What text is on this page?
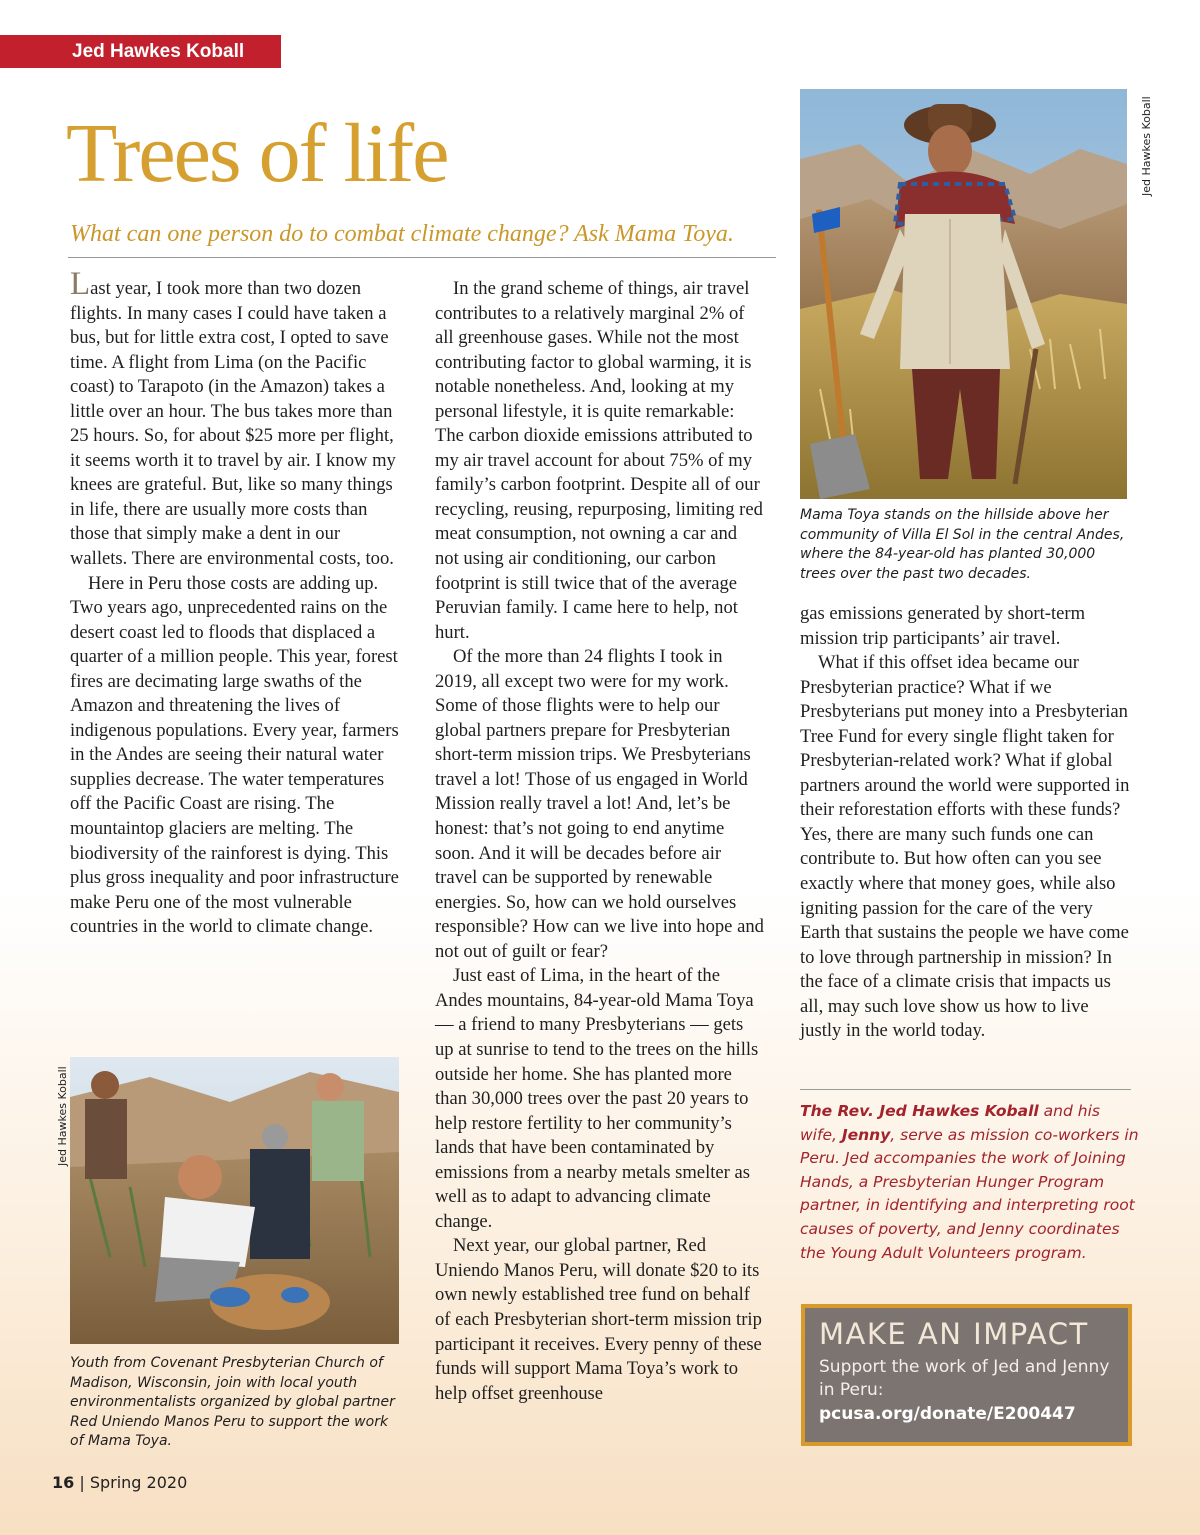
Jed Hawkes Koball
Trees of life

What can one person do to combat climate change? Ask Mama Toya.

Last year, I took more than two dozen flights. In many cases I could have taken a bus, but for little extra cost, I opted to save time. A flight from Lima (on the Pacific coast) to Tarapoto (in the Amazon) takes a little over an hour. The bus takes more than 25 hours. So, for about $25 more per flight, it seems worth it to travel by air. I know my knees are grateful. But, like so many things in life, there are usually more costs than those that simply make a dent in our wallets. There are environmental costs, too.

Here in Peru those costs are adding up. Two years ago, unprecedented rains on the desert coast led to floods that displaced a quarter of a million people. This year, forest fires are decimating large swaths of the Amazon and threatening the lives of indigenous populations. Every year, farmers in the Andes are seeing their natural water supplies decrease. The water temperatures off the Pacific Coast are rising. The mountaintop glaciers are melting. The biodiversity of the rainforest is dying. This plus gross inequality and poor infrastructure make Peru one of the most vulnerable countries in the world to climate change.

In the grand scheme of things, air travel contributes to a relatively marginal 2% of all greenhouse gases. While not the most contributing factor to global warming, it is notable nonetheless. And, looking at my personal lifestyle, it is quite remarkable: The carbon dioxide emissions attributed to my air travel account for about 75% of my family’s carbon footprint. Despite all of our recycling, reusing, repurposing, limiting red meat consumption, not owning a car and not using air conditioning, our carbon footprint is still twice that of the average Peruvian family. I came here to help, not hurt.

Of the more than 24 flights I took in 2019, all except two were for my work. Some of those flights were to help our global partners prepare for Presbyterian short-term mission trips. We Presbyterians travel a lot! Those of us engaged in World Mission really travel a lot! And, let’s be honest: that’s not going to end anytime soon. And it will be decades before air travel can be supported by renewable energies. So, how can we hold ourselves responsible? How can we live into hope and not out of guilt or fear?

Just east of Lima, in the heart of the Andes mountains, 84-year-old Mama Toya — a friend to many Presbyterians — gets up at sunrise to tend to the trees on the hills outside her home. She has planted more than 30,000 trees over the past 20 years to help restore fertility to her community’s lands that have been contaminated by emissions from a nearby metals smelter as well as to adapt to advancing climate change.

Next year, our global partner, Red Uniendo Manos Peru, will donate $20 to its own newly established tree fund on behalf of each Presbyterian short-term mission trip participant it receives. Every penny of these funds will support Mama Toya’s work to help offset greenhouse

gas emissions generated by short-term mission trip participants’ air travel.

What if this offset idea became our Presbyterian practice? What if we Presbyterians put money into a Presbyterian Tree Fund for every single flight taken for Presbyterian-related work? What if global partners around the world were supported in their reforestation efforts with these funds? Yes, there are many such funds one can contribute to. But how often can you see exactly where that money goes, while also igniting passion for the care of the very Earth that sustains the people we have come to love through partnership in mission? In the face of a climate crisis that impacts us all, may such love show us how to live justly in the world today.

Jed Hawkes Koball

Mama Toya stands on the hillside above her community of Villa El Sol in the central Andes, where the 84-year-old has planted 30,000 trees over the past two decades.

Jed Hawkes Koball

Youth from Covenant Presbyterian Church of Madison, Wisconsin, join with local youth environmentalists organized by global partner Red Uniendo Manos Peru to support the work of Mama Toya.

The Rev. Jed Hawkes Koball and his wife, Jenny, serve as mission co-workers in Peru. Jed accompanies the work of Joining Hands, a Presbyterian Hunger Program partner, in identifying and interpreting root causes of poverty, and Jenny coordinates the Young Adult Volunteers program.

MAKE AN IMPACT

Support the work of Jed and Jenny in Peru:

pcusa.org/donate/E200447

16 | Spring 2020
